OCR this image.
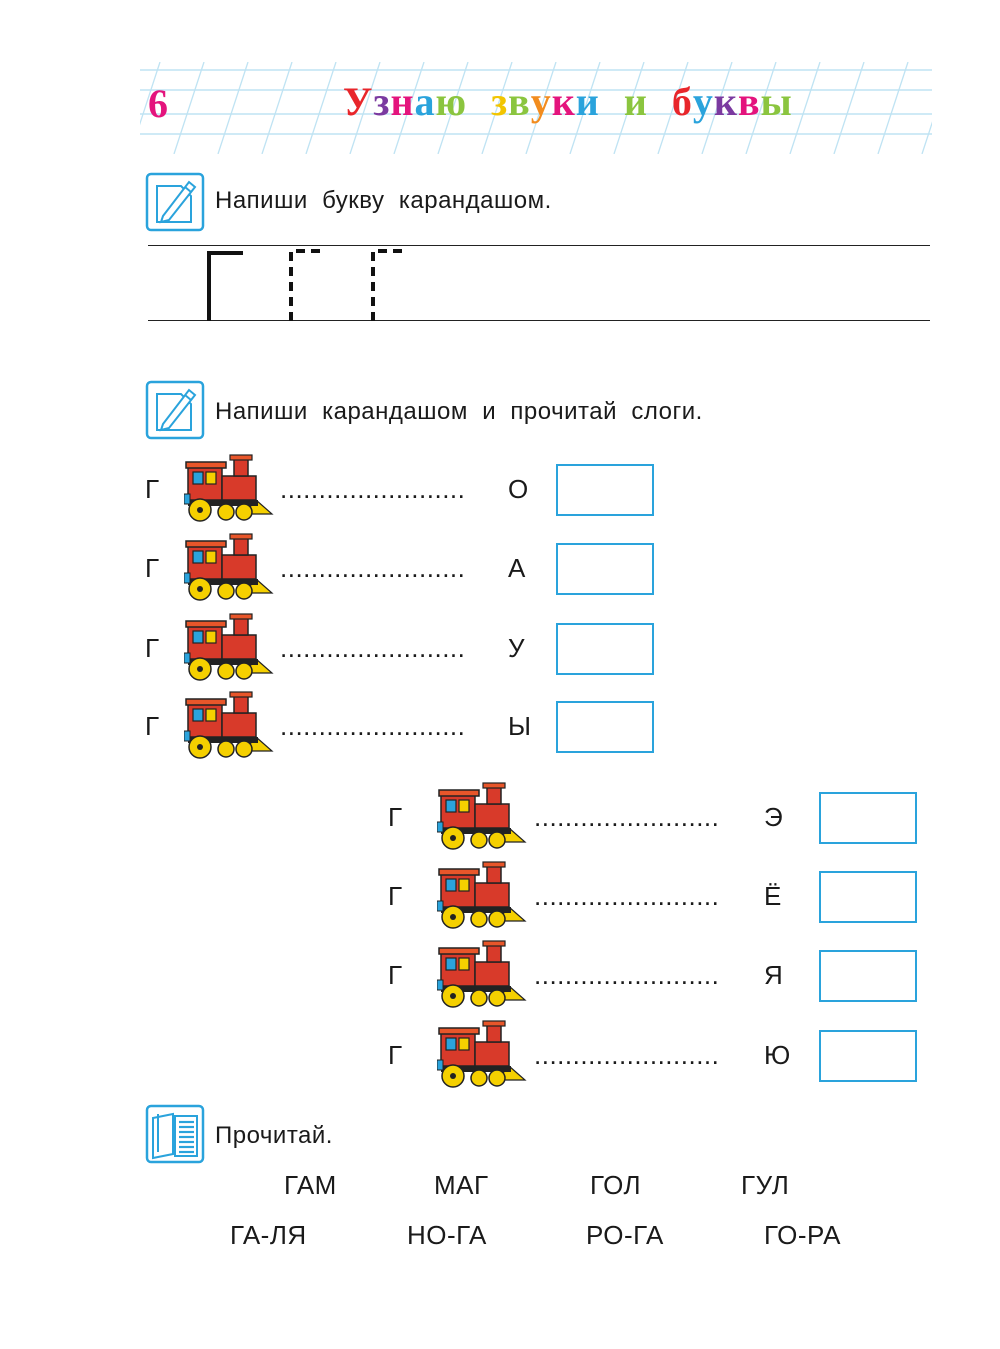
6	Узнаю звуки и буквы
Напиши  букву  карандашом.
Напиши  карандашом  и  прочитай  слоги.
Г	........................ О
Г	........................ А
Г	........................ У
Г	........................ Ы
Г	........................ Э
Г	........................ Ё
Г	........................ Я
Г	........................ Ю
Прочитай.
ГАМ	МАГ	ГОЛ	ГУЛ
ГА-ЛЯ	НО-ГА	РО-ГА	ГО-РА
